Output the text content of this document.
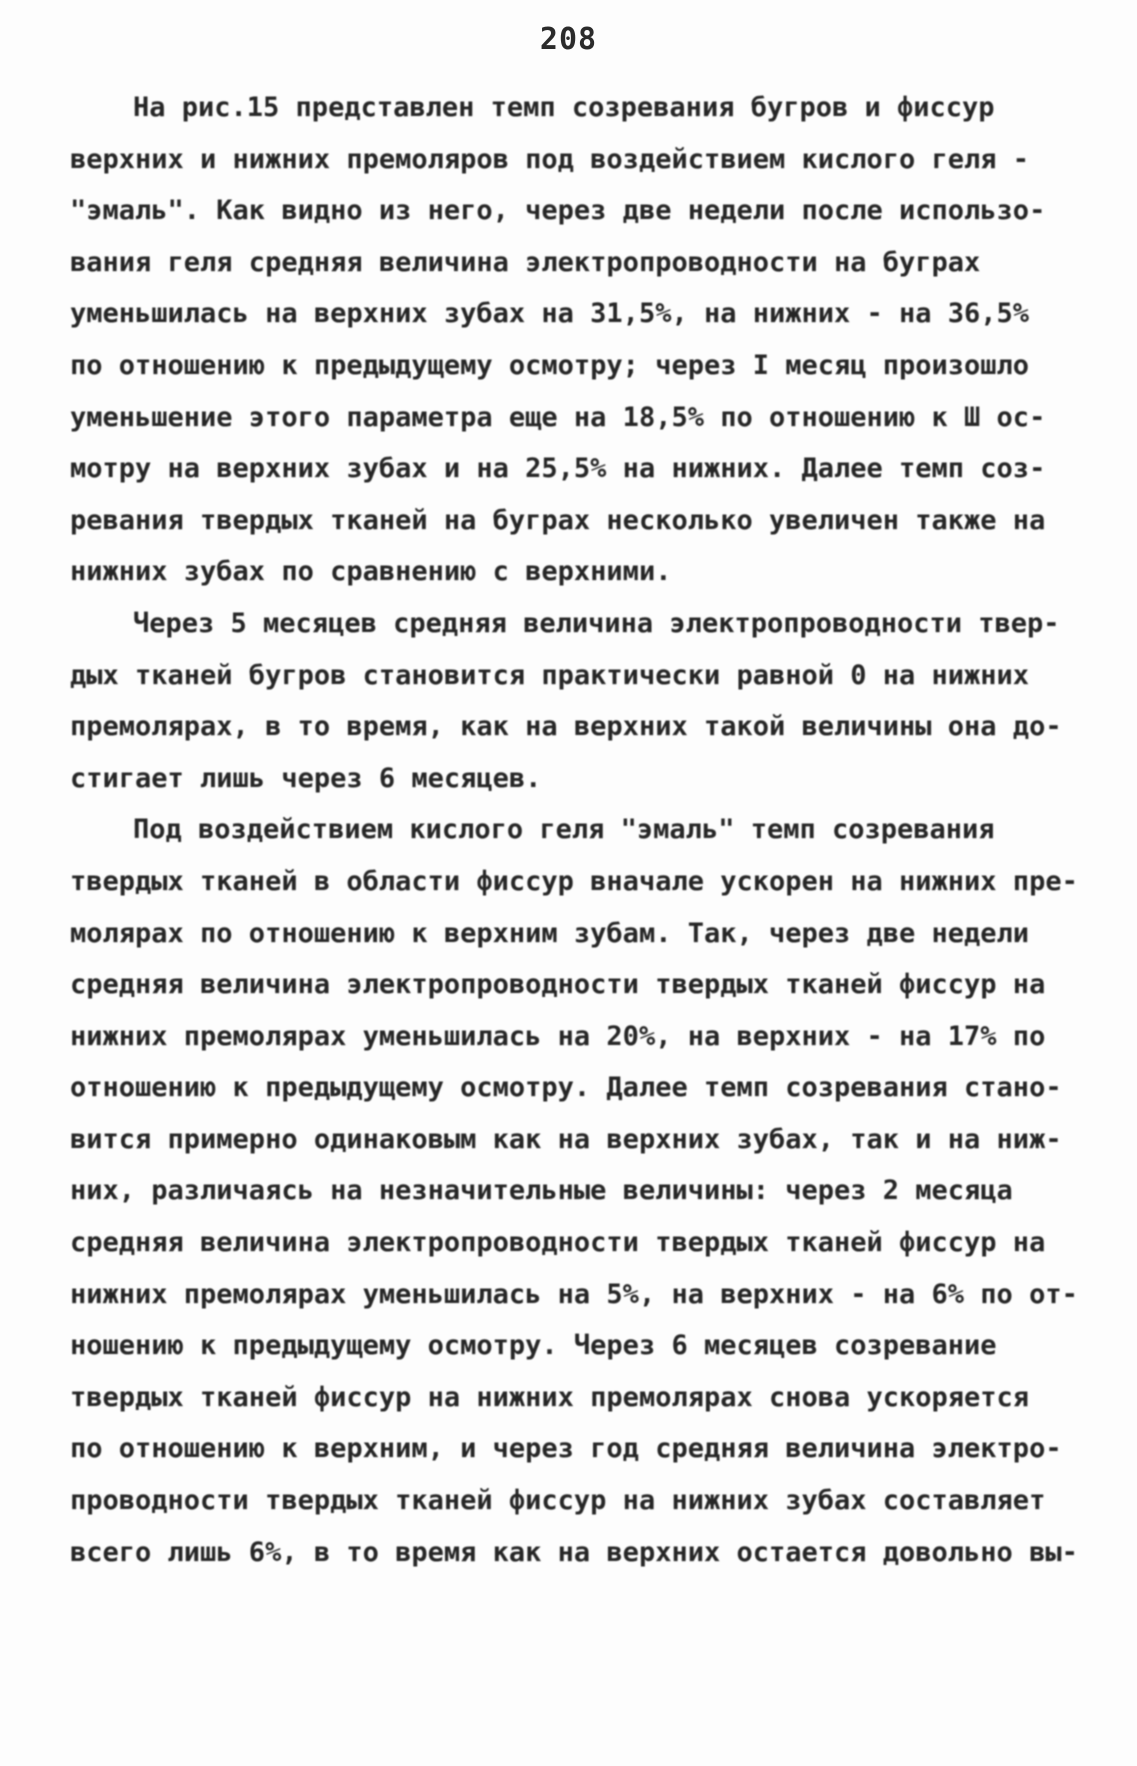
208
На рис.15 представлен темп созревания бугров и фиссур
верхних и нижних премоляров под воздействием кислого геля -
"эмаль". Как видно из него, через две недели после использо-
вания геля средняя величина электропроводности на буграх
уменьшилась на верхних зубах на 31,5%, на нижних - на 36,5%
по отношению к предыдущему осмотру; через I месяц произошло
уменьшение этого параметра еще на 18,5% по отношению к Ш ос-
мотру на верхних зубах и на 25,5% на нижних. Далее темп соз-
ревания твердых тканей на буграх несколько увеличен также на
нижних зубах по сравнению с верхними.
Через 5 месяцев средняя величина электропроводности твер-
дых тканей бугров становится практически равной 0 на нижних
премолярах, в то время, как на верхних такой величины она до-
стигает лишь через 6 месяцев.
Под воздействием кислого геля "эмаль" темп созревания
твердых тканей в области фиссур вначале ускорен на нижних пре-
молярах по отношению к верхним зубам. Так, через две недели
средняя величина электропроводности твердых тканей фиссур на
нижних премолярах уменьшилась на 20%, на верхних - на 17% по
отношению к предыдущему осмотру. Далее темп созревания стано-
вится примерно одинаковым как на верхних зубах, так и на ниж-
них, различаясь на незначительные величины: через 2 месяца
средняя величина электропроводности твердых тканей фиссур на
нижних премолярах уменьшилась на 5%, на верхних - на 6% по от-
ношению к предыдущему осмотру. Через 6 месяцев созревание
твердых тканей фиссур на нижних премолярах снова ускоряется
по отношению к верхним, и через год средняя величина электро-
проводности твердых тканей фиссур на нижних зубах составляет
всего лишь 6%, в то время как на верхних остается довольно вы-
